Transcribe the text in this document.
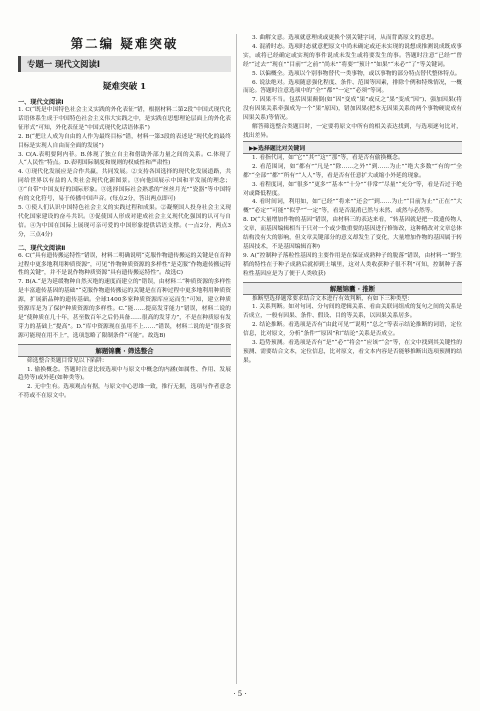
第二编 疑难突破
专题一 现代文阅读Ⅰ
疑难突破 1
一、现代文阅读Ⅰ

1. C(“既是中国特色社会主义实践的外化表征”错，根据材料二第2段“中国式现代化话语体系生成于中国特色社会主义伟大实践之中，是实践在思想理论层面上的外化表征形式”可知，外化表征是“中国式现代化话语体系”)

2. B(“把让人成为自由的人作为最终目标”错，材料一第3段的表述是“现代化的最终目标是实现人自由而全面的发展”)

3. C(A.表明要阿内菲。B.体现了独立自主和借助外部力量之间的关系。C.体现了人“人民性”特点。D.表明国际制度和规则的权威性和严肃性)

4. ①现代化发展应是合作共赢，共同发展。②支持各国选择的现代化发展道路，共同给世界以有益的人类社会现代化新图景。③向他国展示中国和平发展的理念；③“自带”中国友好的国际形象。③选择国际社会熟悉的“丝丝月光”“瓷器”等中国特有的文化符号，易于传播中国声音。(每点2分，答出两点即可)

5. ①使人们认识中国特色社会主义的实践过程和成果。②凝聚国人投身社会主义现代化国家建设的奋斗共识。③促使国人形成对建成社会主义现代化强国的认可与自信。④为中国在国际上展现可亲可爱的中国形象提供话语支撑。(一点2分，两点3分，三点4分)

二、现代文阅读Ⅱ

6. C(“具有遗传搬运特性”错误，材料二明确说明“克服作物遗传搬运的关键是在育种过程中更多地利用种质资源”，可见“作物种质资源的多样性”是克服“作物遗传搬运特性的关键”，并不是说作物种质资源“具有遗传搬运特性”。故选C)

7. B(A.“是为延缓物种自然灭绝的速度而建立的”错误，由材料二“种质资源的多样性是丰富遗传基因的基础”“克服作物遗传搬运的关键是在育种过程中更多地利用种质资源，扩展新品种的遗传基础。全球1400多家种质资源库应运而生”可知，建立种质资源库是为了保护种质资源的多样性。C.“能……提高发芽能力”错误，材料二说的是“使种质在几十年，甚至数百年之后仍具备……很高的发芽力”，不是在种质原有发芽力的基础上“提高”。D.“库中资源现在虽用不上……”错误，材料二说的是“很多资源可能现在用不上”，选项忽略了限制条件“可能”。故选B)

解题锦囊 · 筛选整合

筛选整合类题目常见以下陷阱：

1. 偷换概念。答题时注意比较选项中与原文中概念的内涵(如属性、作用、发展趋势等)或外延(如种类等)。

2. 无中生有。选项观点有据，与原文中心思维一致，推行无据，选项与作者意念不符或不在原文中。

3. 曲解文意。选项就意理成或更换个别关键字词，从而背离原文的意思。

4. 混淆时态。选项时态就意把原文中尚未确定或还未实现的说想成推测说成既成事实，或将已经确定或实现的事件说成未发生或将要发生的事。答题时注意“已经”“曾经”“过去”“现在”“目前”“之前”“尚未”“将要”“预计”“如果”“未必”“了”等关键词。

5. 以偏概全。选项以个别事物替代一类事物，或以事物的部分特点替代整体特点。

6. 说法绝对。选项随意强化程度、条件、范围等因素，排除个例和特殊情况，一概而论。答题时注意选项中的“全”“都”“一定”“必须”等词。

7. 因果不当。包括因果颠倒(如“因”变成“果”或反之“果”变成“因”)、强加因果(将没有因果关系牵强成为一个“果”原因)，错加因果(把本无因果关系的两个事物硬说成有因果关系)等情况。

解答筛选整合类题目时，一定要将原文中所有的相关表达找到，与选项逐句比对，找出差异。

▶▶选择题比对关键词

1. 看指代词，如“它”“其”“这”“那”等，看是否有偷换概念。

2. 看范围词，如“都有”“凡是”“除……之外”“到……为止”“绝大多数”“有的”“全都”“全部”“都”“所有”“人人”等，看是否有任意扩大或缩小外延的现象。

3. 看程度词，如“很多”“更多”“基本”“十分”“非常”“尽量”“充分”等，看是否过于绝对或降低程度。

4. 看时间词，利用如，如“已经”“将来”“还会”“到……为止”“目前为止”“正在”“大概”“必定”“可能”“似乎”“一定”等，看是否混淆已然与未然、或然与必然等。

8. D(“大量增加作物的基因”错误，由材料三的表达来看，“转基因就是把一段遗传物人文章，而基因编辑相当于只对一个或少数重要的基因进行修饰改，这种精改对文章总体结构没有大的影响，但文章关键部分的意义却发生了变化，大量增加作物的基因属于转基因技术，不是基因编辑育种)

9. A(“控制种子落粒性基因的主要作用是在保证成熟种子的脱落”错误，由材料一“野生稻的特性在于种子成熟后就掉到土壤里，这对人类收获种子很不利”可知，控制种子落粒性基因应是为了便于人类收获)

解题锦囊 · 推断

推断型选择题常要求结合文本进行有效判断，有如下三种类型：

1. 关系判断。如对句词、分句间的逻辑关系、看由关联词组成的复句之间的关系是否成立，一般有因果、条件、假设、目的等关系，以因果关系居多。

2. 结论推断。看选项是否有“由此可见”“说明”“总之”等表示结论推断的词语，定位信息，比对原文，分析“条件”“原因”和“结论”关系是否成立。

3. 趋势预测。看选项是否有“是”“必”“将会”“应该”“会”等，在文中找到其关键性的预测、需要结合文本，定位信息，比对原文，看文本内容是否能够推断出选项预测的结果。

· 5 ·
